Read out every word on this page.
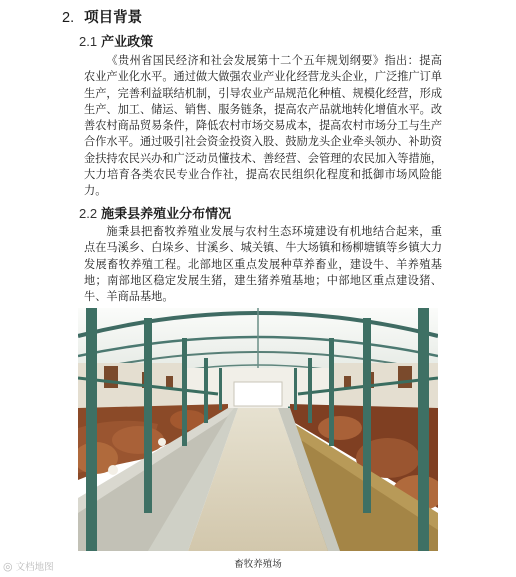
2. 项目背景
2.1 产业政策

《贵州省国民经济和社会发展第十二个五年规划纲要》指出：提高农业产业化水平。通过做大做强农业产业化经营龙头企业，广泛推广订单生产，完善利益联结机制，引导农业产品规范化种植、规模化经营，形成生产、加工、储运、销售、服务链条，提高农产品就地转化增值水平。改善农村商品贸易条件，降低农村市场交易成本，提高农村市场分工与生产合作水平。通过吸引社会资金投资入股、鼓励龙头企业牵头领办、补助资金扶持农民兴办和广泛动员懂技术、善经营、会管理的农民加入等措施，大力培育各类农民专业合作社，提高农民组织化程度和抵御市场风险能力。

2.2 施秉县养殖业分布情况

施秉县把畜牧养殖业发展与农村生态环境建设有机地结合起来，重点在马溪乡、白垛乡、甘溪乡、城关镇、牛大场镇和杨柳塘镇等乡镇大力发展畜牧养殖工程。北部地区重点发展种草养畜业，建设牛、羊养殖基地；南部地区稳定发展生猪，建生猪养殖基地；中部地区重点建设猪、牛、羊商品基地。

畜牧养殖场
◎ 文档地图
